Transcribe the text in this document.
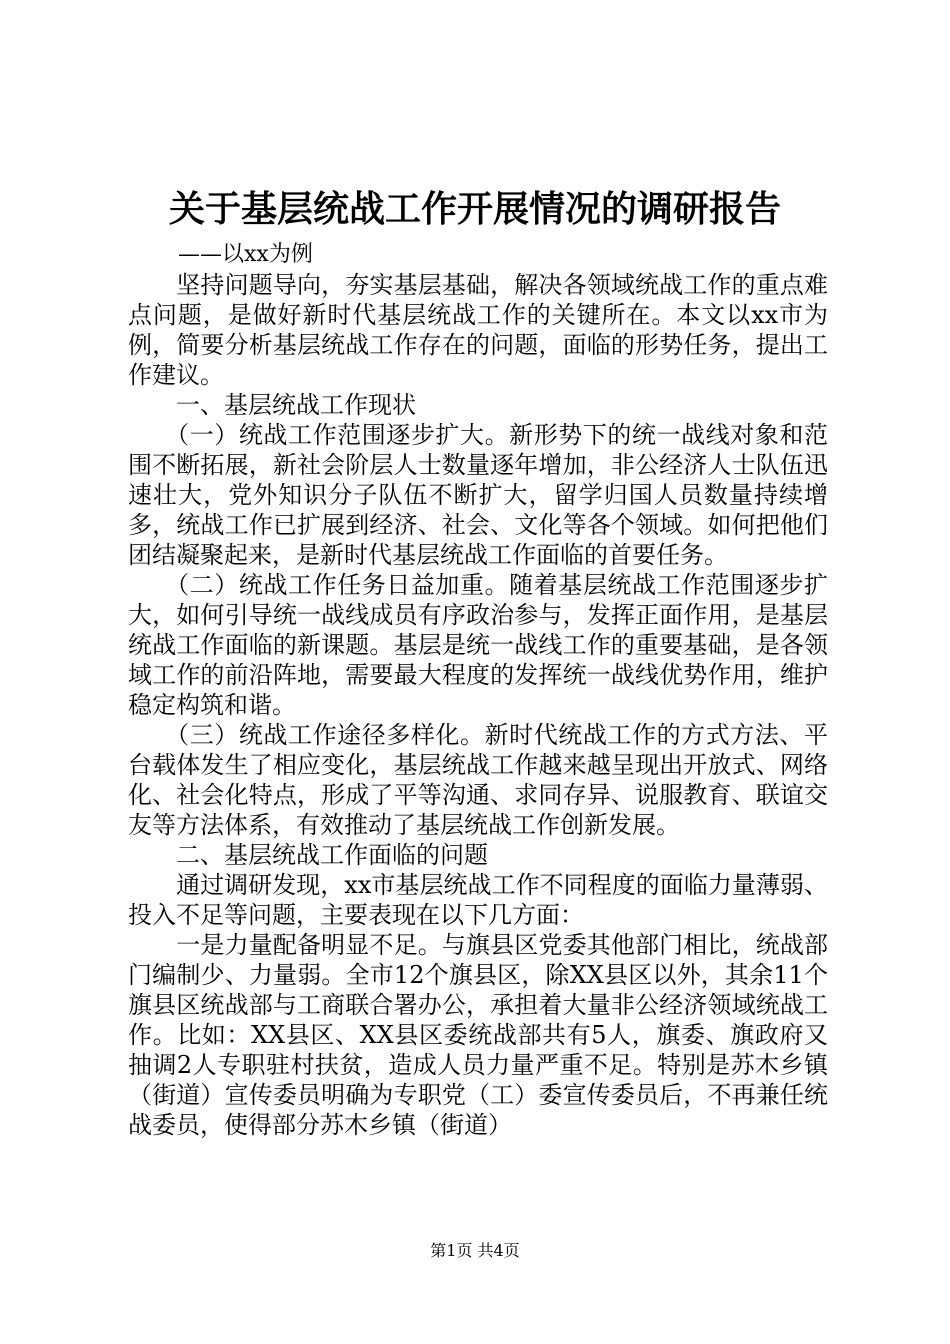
关于基层统战工作开展情况的调研报告
——以xx为例

　　坚持问题导向，夯实基层基础，解决各领域统战工作的重点难点问题，是做好新时代基层统战工作的关键所在。本文以xx市为例，简要分析基层统战工作存在的问题，面临的形势任务，提出工作建议。

　　一、基层统战工作现状

　　（一）统战工作范围逐步扩大。新形势下的统一战线对象和范围不断拓展，新社会阶层人士数量逐年增加，非公经济人士队伍迅速壮大，党外知识分子队伍不断扩大，留学归国人员数量持续增多，统战工作已扩展到经济、社会、文化等各个领域。如何把他们团结凝聚起来，是新时代基层统战工作面临的首要任务。

　　（二）统战工作任务日益加重。随着基层统战工作范围逐步扩大，如何引导统一战线成员有序政治参与，发挥正面作用，是基层统战工作面临的新课题。基层是统一战线工作的重要基础，是各领域工作的前沿阵地，需要最大程度的发挥统一战线优势作用，维护稳定构筑和谐。

　　（三）统战工作途径多样化。新时代统战工作的方式方法、平台载体发生了相应变化，基层统战工作越来越呈现出开放式、网络化、社会化特点，形成了平等沟通、求同存异、说服教育、联谊交友等方法体系，有效推动了基层统战工作创新发展。

　　二、基层统战工作面临的问题

　　通过调研发现，xx市基层统战工作不同程度的面临力量薄弱、投入不足等问题，主要表现在以下几方面：

　　一是力量配备明显不足。与旗县区党委其他部门相比，统战部门编制少、力量弱。全市12个旗县区，除XX县区以外，其余11个旗县区统战部与工商联合署办公，承担着大量非公经济领域统战工作。比如：XX县区、XX县区委统战部共有5人，旗委、旗政府又抽调2人专职驻村扶贫，造成人员力量严重不足。特别是苏木乡镇（街道）宣传委员明确为专职党（工）委宣传委员后，不再兼任统战委员，使得部分苏木乡镇（街道）

第1页 共4页
